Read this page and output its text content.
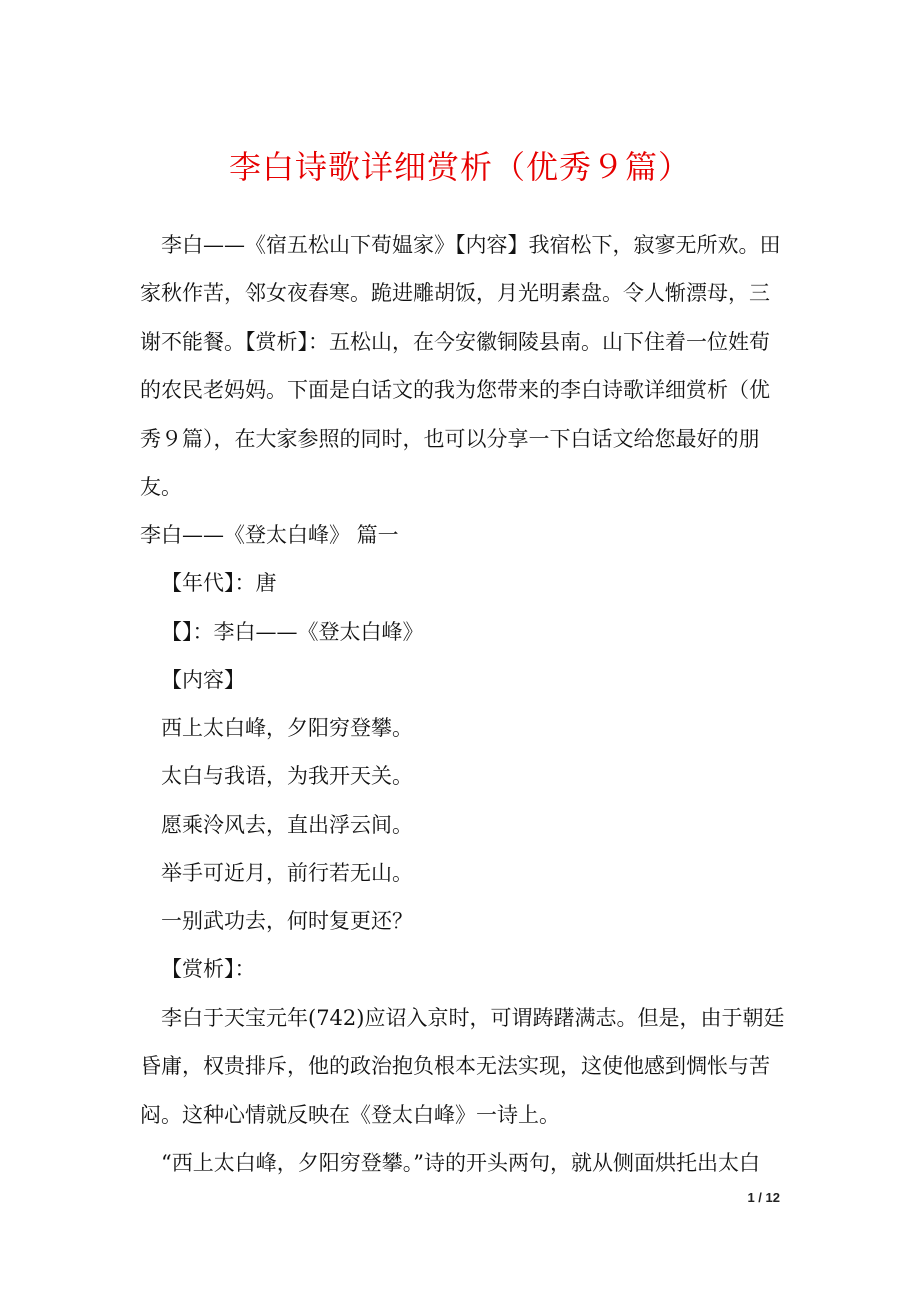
李白诗歌详细赏析（优秀９篇）

李白——《宿五松山下荀媪家》【内容】我宿松下，寂寥无所欢。田家秋作苦，邻女夜舂寒。跪进雕胡饭，月光明素盘。令人惭漂母，三谢不能餐。【赏析】：五松山，在今安徽铜陵县南。山下住着一位姓荀的农民老妈妈。下面是白话文的我为您带来的李白诗歌详细赏析（优秀９篇），在大家参照的同时，也可以分享一下白话文给您最好的朋友。

李白——《登太白峰》 篇一

【年代】：唐

【】：李白——《登太白峰》

【内容】

西上太白峰，夕阳穷登攀。

太白与我语，为我开天关。

愿乘泠风去，直出浮云间。

举手可近月，前行若无山。

一别武功去，何时复更还？

【赏析】：

李白于天宝元年(742)应诏入京时，可谓踌躇满志。但是，由于朝廷昏庸，权贵排斥，他的政治抱负根本无法实现，这使他感到惆怅与苦闷。这种心情就反映在《登太白峰》一诗上。

“西上太白峰，夕阳穷登攀。”诗的开头两句，就从侧面烘托出太白

1 / 12
